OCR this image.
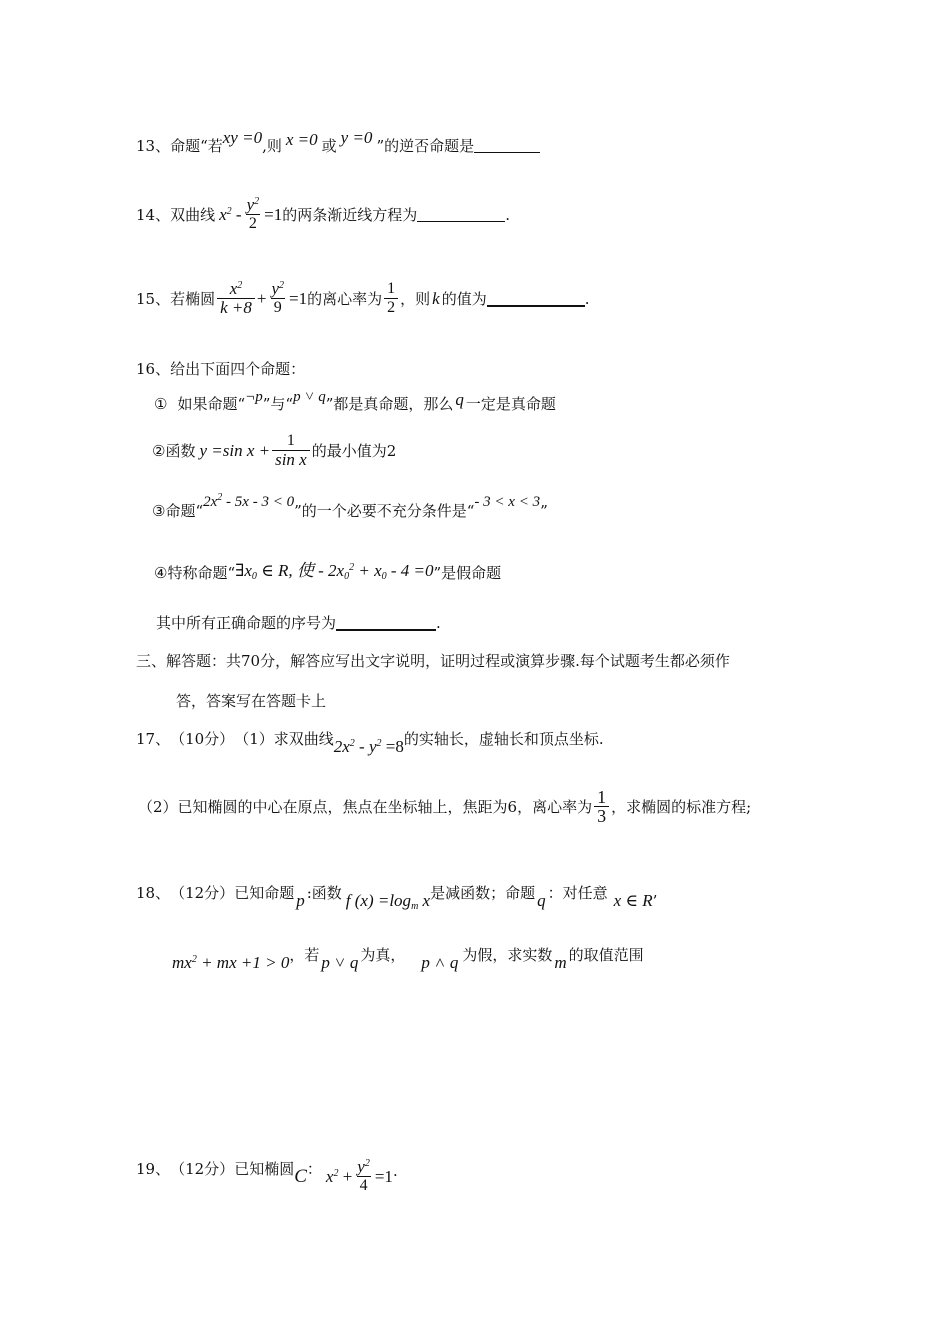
13、 命题“若 xy =0 ,则 x =0 或 y =0 ”的逆否命题是
14、 双曲线 $x^2 - \frac{y^2}{2} =1$ 的两条渐近线方程为	.
15、 若椭圆 $\frac{x^2}{k +8} + \frac{y^2}{9} =1$ 的离心率为 $\frac{1}{2}$ ，则 k 的值为	.
16、 给出下面四个命题：
① 如果命题“ ¬p ”与“ p ˅ q ”都是真命题，那么 q 一定是真命题
② 函数 y =sin $x + \frac{1}{\text{sin x}}$ 的最小值为2
③ 命题“ $2x^2 - 5x - 3 < 0$ ”的一个必要不充分条件是“ - 3 < x < 3 ”
④ 特称命题“ $\exists x_0$ ∈ R, 使 - $2x_0^2 + x_0 - 4 =0$ ”是假命题
其中所有正确命题的序号为	.
三、解答题：共70分，解答应写出文字说明，证明过程或演算步骤.每个试题考生都必须作
答，答案写在答题卡上
17、 （10分） （1）求双曲线 $2x^2 - y^2 =8$ 的实轴长，虚轴长和顶点坐标.
（2）已知椭圆的中心在原点，焦点在坐标轴上，焦距为6，离心率为 $\frac{1}{3}$ ，求椭圆的标准方程;
18、 （12分） 已知命题 p :函数 f $(x) =\log_m$ x 是减函数；命题 q ：对任意 x ∈ R ’
$mx^2$ + mx +1 > 0 ，若 p ˅ q 为真， p ˄ q 为假，求实数 m 的取值范围
19、 （12分） 已知椭圆 C ： $x^2 + \frac{y^2}{4} =1$ .
